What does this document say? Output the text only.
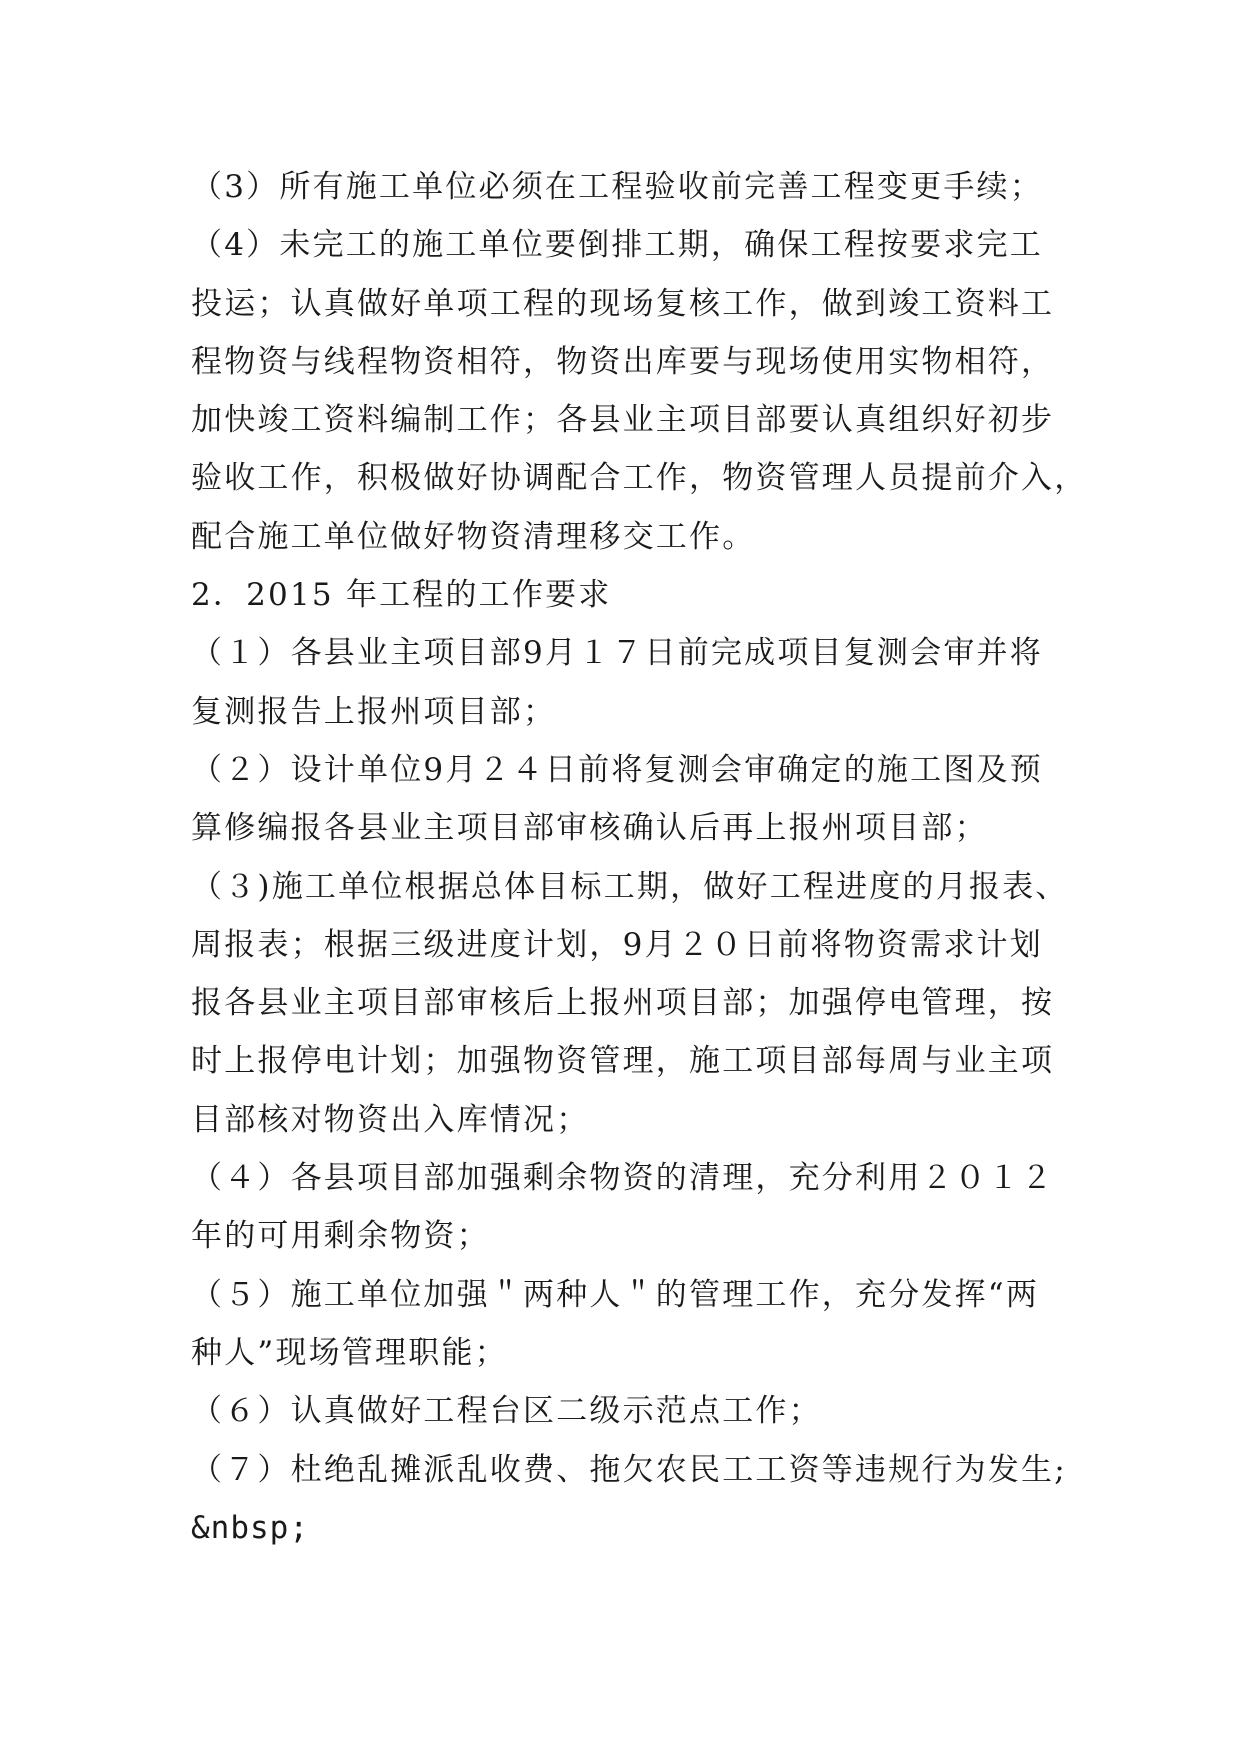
（3）所有施工单位必须在工程验收前完善工程变更手续；
（4）未完工的施工单位要倒排工期，确保工程按要求完工
投运；认真做好单项工程的现场复核工作，做到竣工资料工
程物资与线程物资相符，物资出库要与现场使用实物相符，
加快竣工资料编制工作；各县业主项目部要认真组织好初步
验收工作，积极做好协调配合工作，物资管理人员提前介入，
配合施工单位做好物资清理移交工作。
2．2015 年工程的工作要求
（１）各县业主项目部9月１７日前完成项目复测会审并将
复测报告上报州项目部；
（２）设计单位9月２４日前将复测会审确定的施工图及预
算修编报各县业主项目部审核确认后再上报州项目部；
（３)施工单位根据总体目标工期，做好工程进度的月报表、
周报表；根据三级进度计划，9月２０日前将物资需求计划
报各县业主项目部审核后上报州项目部；加强停电管理，按
时上报停电计划；加强物资管理，施工项目部每周与业主项
目部核对物资出入库情况；
（４）各县项目部加强剩余物资的清理，充分利用２０１２
年的可用剩余物资；
（５）施工单位加强＂两种人＂的管理工作，充分发挥“两
种人”现场管理职能；
（６）认真做好工程台区二级示范点工作；
（７）杜绝乱摊派乱收费、拖欠农民工工资等违规行为发生;
&nbsp;
